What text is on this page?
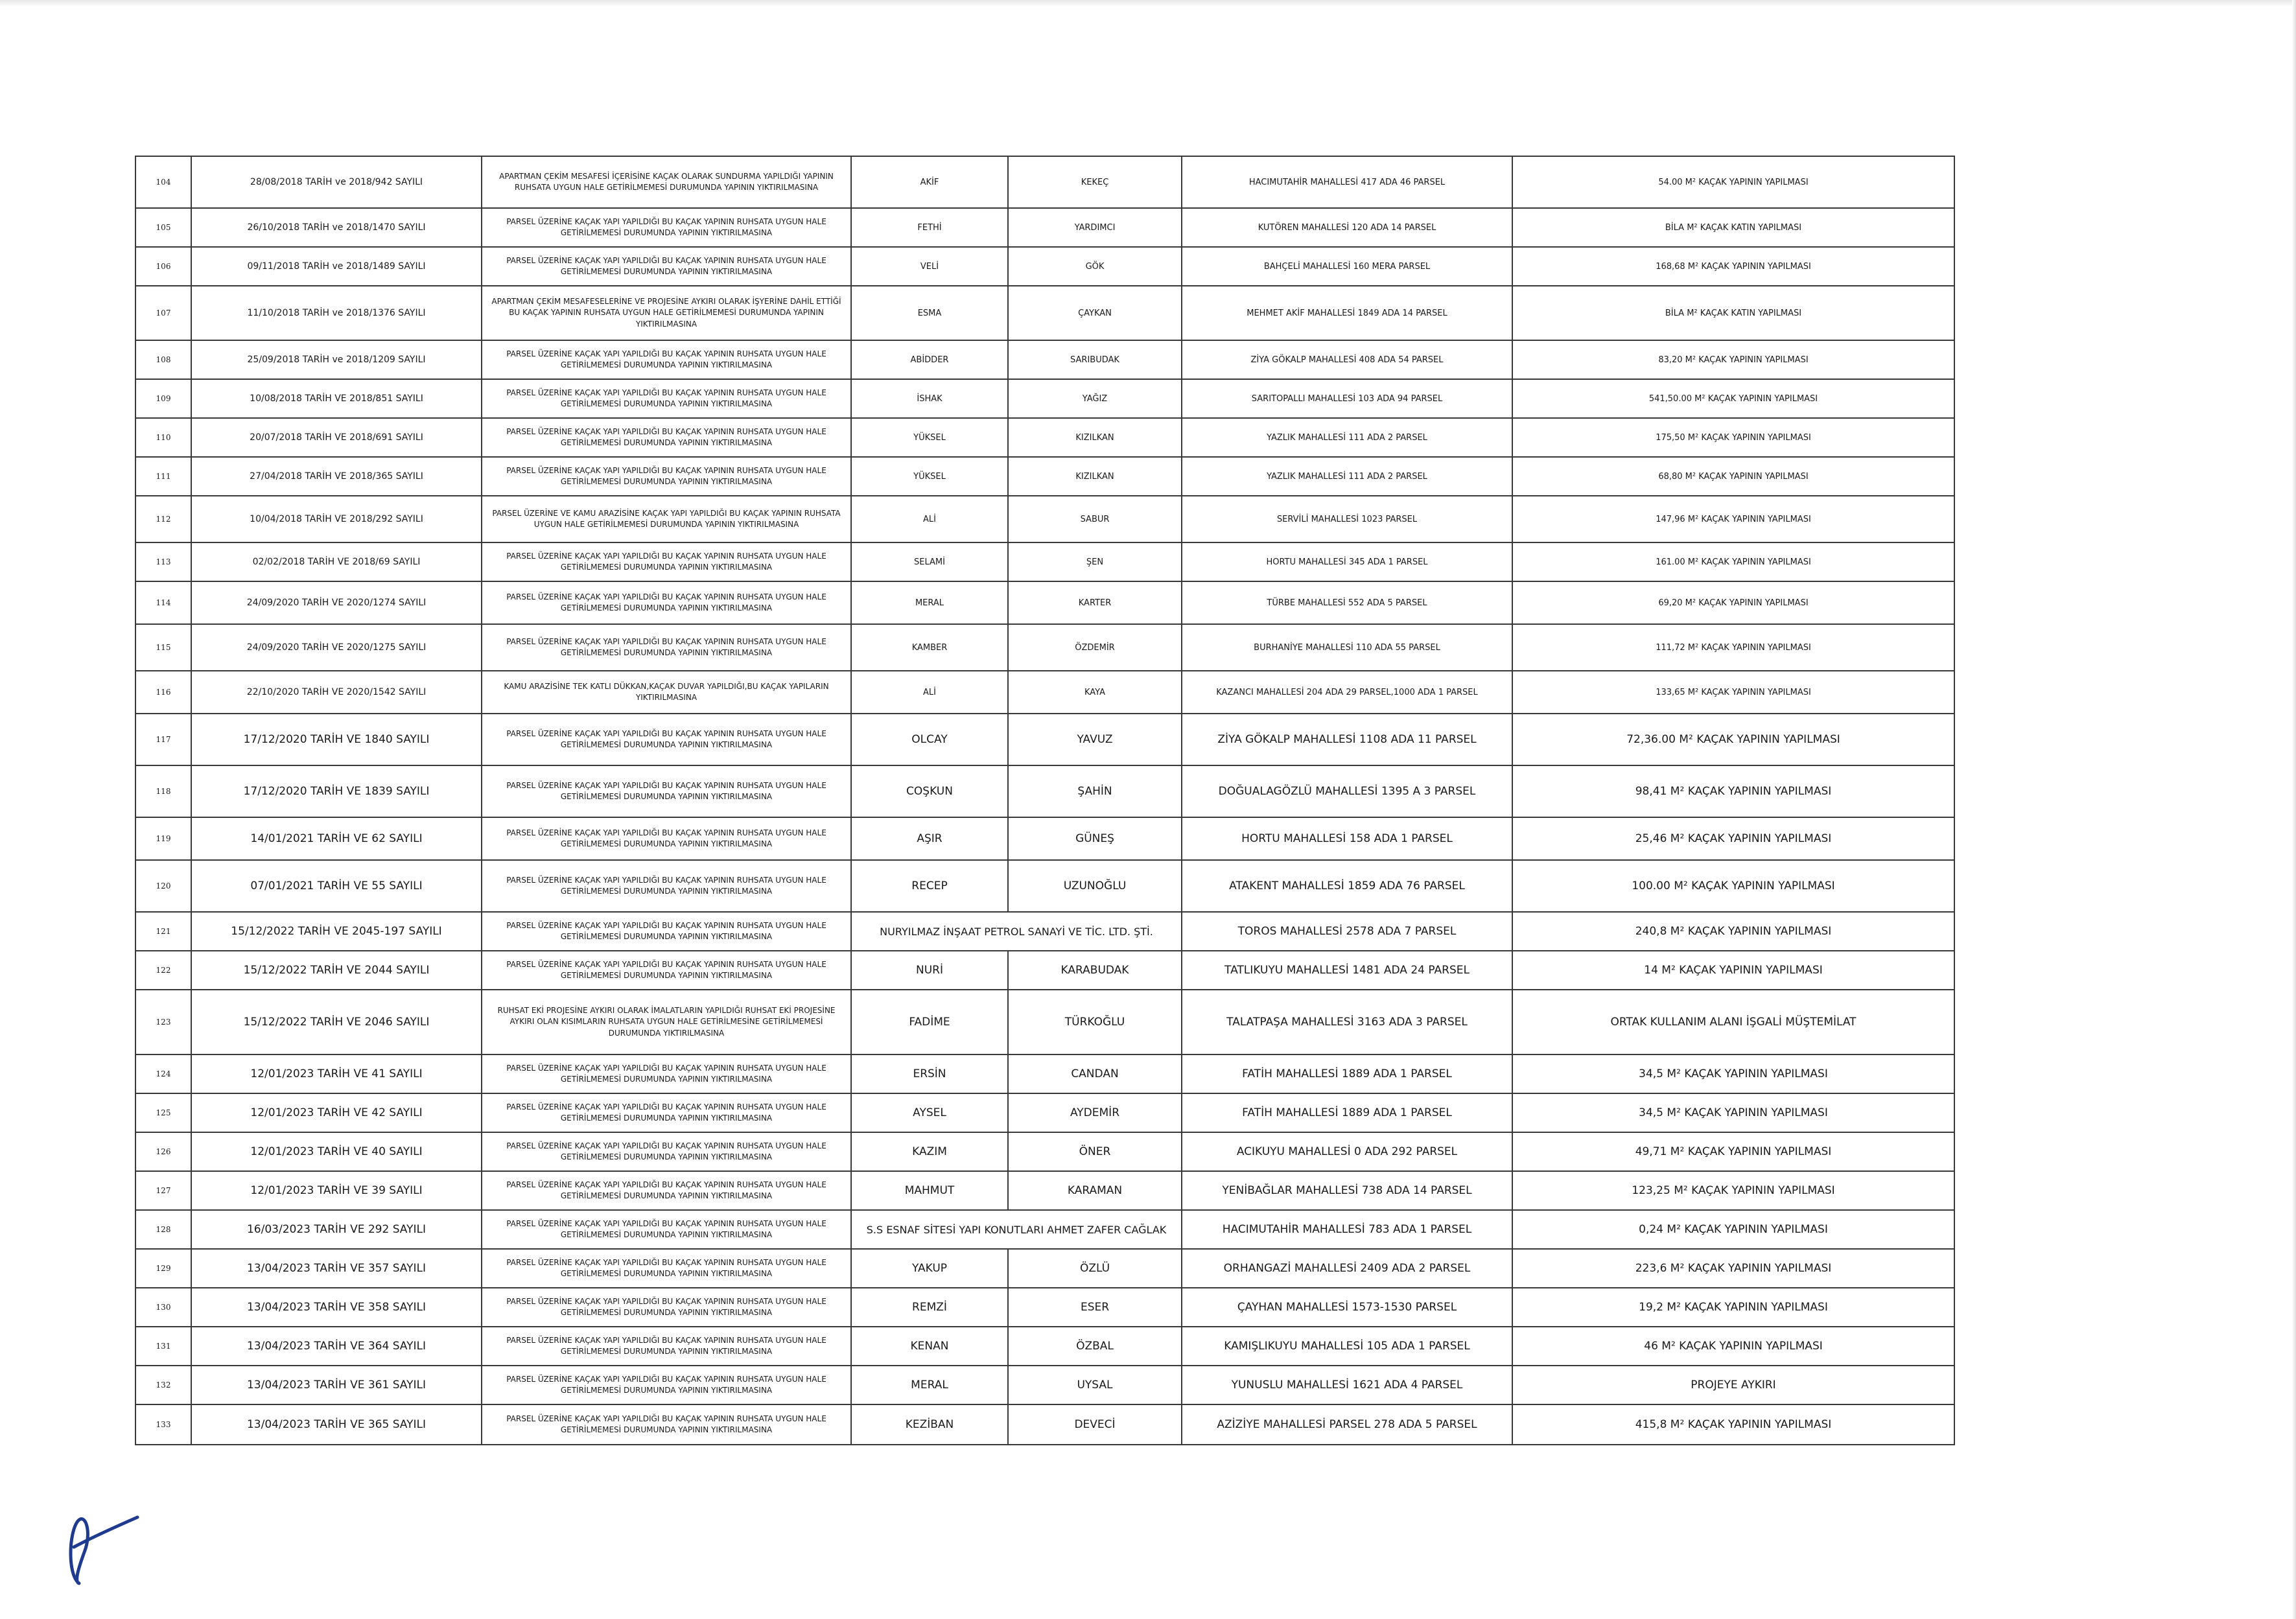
104	28/08/2018 TARİH ve 2018/942 SAYILI	APARTMAN ÇEKİM MESAFESİ İÇERİSİNE KAÇAK OLARAK SUNDURMA YAPILDIĞI YAPININ RUHSATA UYGUN HALE GETİRİLMEMESİ DURUMUNDA YAPININ YIKTIRILMASINA	AKİF	KEKEÇ	HACIMUTAHİR MAHALLESİ 417 ADA 46 PARSEL	54.00 M² KAÇAK YAPININ YAPILMASI
105	26/10/2018 TARİH ve 2018/1470 SAYILI	PARSEL ÜZERİNE KAÇAK YAPI YAPILDIĞI BU KAÇAK YAPININ RUHSATA UYGUN HALE GETİRİLMEMESİ DURUMUNDA YAPININ YIKTIRILMASINA	FETHİ	YARDIMCI	KUTÖREN MAHALLESİ 120 ADA 14 PARSEL	BİLA M² KAÇAK KATIN YAPILMASI
106	09/11/2018 TARİH ve 2018/1489 SAYILI	PARSEL ÜZERİNE KAÇAK YAPI YAPILDIĞI BU KAÇAK YAPININ RUHSATA UYGUN HALE GETİRİLMEMESİ DURUMUNDA YAPININ YIKTIRILMASINA	VELİ	GÖK	BAHÇELİ MAHALLESİ 160 MERA PARSEL	168,68 M² KAÇAK YAPININ YAPILMASI
107	11/10/2018 TARİH ve 2018/1376 SAYILI	APARTMAN ÇEKİM MESAFESELERİNE VE PROJESİNE AYKIRI OLARAK İŞYERİNE DAHİL ETTİĞİ BU KAÇAK YAPININ RUHSATA UYGUN HALE GETİRİLMEMESİ DURUMUNDA YAPININ YIKTIRILMASINA	ESMA	ÇAYKAN	MEHMET AKİF MAHALLESİ 1849 ADA 14 PARSEL	BİLA M² KAÇAK KATIN YAPILMASI
108	25/09/2018 TARİH ve 2018/1209 SAYILI	PARSEL ÜZERİNE KAÇAK YAPI YAPILDIĞI BU KAÇAK YAPININ RUHSATA UYGUN HALE GETİRİLMEMESİ DURUMUNDA YAPININ YIKTIRILMASINA	ABİDDER	SARIBUDAK	ZİYA GÖKALP MAHALLESİ 408 ADA 54 PARSEL	83,20 M² KAÇAK YAPININ YAPILMASI
109	10/08/2018 TARİH VE 2018/851 SAYILI	PARSEL ÜZERİNE KAÇAK YAPI YAPILDIĞI BU KAÇAK YAPININ RUHSATA UYGUN HALE GETİRİLMEMESİ DURUMUNDA YAPININ YIKTIRILMASINA	İSHAK	YAĞIZ	SARITOPALLI MAHALLESİ 103 ADA 94 PARSEL	541,50.00 M² KAÇAK YAPININ YAPILMASI
110	20/07/2018 TARİH VE 2018/691 SAYILI	PARSEL ÜZERİNE KAÇAK YAPI YAPILDIĞI BU KAÇAK YAPININ RUHSATA UYGUN HALE GETİRİLMEMESİ DURUMUNDA YAPININ YIKTIRILMASINA	YÜKSEL	KIZILKAN	YAZLIK MAHALLESİ 111 ADA 2 PARSEL	175,50 M² KAÇAK YAPININ YAPILMASI
111	27/04/2018 TARİH VE 2018/365 SAYILI	PARSEL ÜZERİNE KAÇAK YAPI YAPILDIĞI BU KAÇAK YAPININ RUHSATA UYGUN HALE GETİRİLMEMESİ DURUMUNDA YAPININ YIKTIRILMASINA	YÜKSEL	KIZILKAN	YAZLIK MAHALLESİ 111 ADA 2 PARSEL	68,80 M² KAÇAK YAPININ YAPILMASI
112	10/04/2018 TARİH VE 2018/292 SAYILI	PARSEL ÜZERİNE VE KAMU ARAZİSİNE KAÇAK YAPI YAPILDIĞI BU KAÇAK YAPININ RUHSATA UYGUN HALE GETİRİLMEMESİ DURUMUNDA YAPININ YIKTIRILMASINA	ALİ	SABUR	SERVİLİ MAHALLESİ 1023 PARSEL	147,96 M² KAÇAK YAPININ YAPILMASI
113	02/02/2018 TARİH VE 2018/69 SAYILI	PARSEL ÜZERİNE KAÇAK YAPI YAPILDIĞI BU KAÇAK YAPININ RUHSATA UYGUN HALE GETİRİLMEMESİ DURUMUNDA YAPININ YIKTIRILMASINA	SELAMİ	ŞEN	HORTU MAHALLESİ 345 ADA 1 PARSEL	161.00 M² KAÇAK YAPININ YAPILMASI
114	24/09/2020 TARİH VE 2020/1274 SAYILI	PARSEL ÜZERİNE KAÇAK YAPI YAPILDIĞI BU KAÇAK YAPININ RUHSATA UYGUN HALE GETİRİLMEMESİ DURUMUNDA YAPININ YIKTIRILMASINA	MERAL	KARTER	TÜRBE MAHALLESİ 552 ADA 5 PARSEL	69,20 M² KAÇAK YAPININ YAPILMASI
115	24/09/2020 TARİH VE 2020/1275 SAYILI	PARSEL ÜZERİNE KAÇAK YAPI YAPILDIĞI BU KAÇAK YAPININ RUHSATA UYGUN HALE GETİRİLMEMESİ DURUMUNDA YAPININ YIKTIRILMASINA	KAMBER	ÖZDEMİR	BURHANİYE MAHALLESİ 110 ADA 55 PARSEL	111,72 M² KAÇAK YAPININ YAPILMASI
116	22/10/2020 TARİH VE 2020/1542 SAYILI	KAMU ARAZİSİNE TEK KATLI DÜKKAN,KAÇAK DUVAR YAPILDIĞI,BU KAÇAK YAPILARIN YIKTIRILMASINA	ALİ	KAYA	KAZANCI MAHALLESİ 204 ADA 29 PARSEL,1000 ADA 1 PARSEL	133,65 M² KAÇAK YAPININ YAPILMASI
117	17/12/2020 TARİH VE 1840 SAYILI	PARSEL ÜZERİNE KAÇAK YAPI YAPILDIĞI BU KAÇAK YAPININ RUHSATA UYGUN HALE GETİRİLMEMESİ DURUMUNDA YAPININ YIKTIRILMASINA	OLCAY	YAVUZ	ZİYA GÖKALP MAHALLESİ 1108 ADA 11 PARSEL	72,36.00 M² KAÇAK YAPININ YAPILMASI
118	17/12/2020 TARİH VE 1839 SAYILI	PARSEL ÜZERİNE KAÇAK YAPI YAPILDIĞI BU KAÇAK YAPININ RUHSATA UYGUN HALE GETİRİLMEMESİ DURUMUNDA YAPININ YIKTIRILMASINA	COŞKUN	ŞAHİN	DOĞUALAGÖZLÜ MAHALLESİ 1395 A 3 PARSEL	98,41 M² KAÇAK YAPININ YAPILMASI
119	14/01/2021 TARİH VE 62 SAYILI	PARSEL ÜZERİNE KAÇAK YAPI YAPILDIĞI BU KAÇAK YAPININ RUHSATA UYGUN HALE GETİRİLMEMESİ DURUMUNDA YAPININ YIKTIRILMASINA	AŞIR	GÜNEŞ	HORTU MAHALLESİ 158 ADA 1 PARSEL	25,46 M² KAÇAK YAPININ YAPILMASI
120	07/01/2021 TARİH VE 55 SAYILI	PARSEL ÜZERİNE KAÇAK YAPI YAPILDIĞI BU KAÇAK YAPININ RUHSATA UYGUN HALE GETİRİLMEMESİ DURUMUNDA YAPININ YIKTIRILMASINA	RECEP	UZUNOĞLU	ATAKENT MAHALLESİ 1859 ADA 76 PARSEL	100.00 M² KAÇAK YAPININ YAPILMASI
121	15/12/2022 TARİH VE 2045-197 SAYILI	PARSEL ÜZERİNE KAÇAK YAPI YAPILDIĞI BU KAÇAK YAPININ RUHSATA UYGUN HALE GETİRİLMEMESİ DURUMUNDA YAPININ YIKTIRILMASINA	NURYILMAZ İNŞAAT PETROL SANAYİ VE TİC. LTD. ŞTİ.		TOROS MAHALLESİ 2578 ADA 7 PARSEL	240,8 M² KAÇAK YAPININ YAPILMASI
122	15/12/2022 TARİH VE 2044 SAYILI	PARSEL ÜZERİNE KAÇAK YAPI YAPILDIĞI BU KAÇAK YAPININ RUHSATA UYGUN HALE GETİRİLMEMESİ DURUMUNDA YAPININ YIKTIRILMASINA	NURİ	KARABUDAK	TATLIKUYU MAHALLESİ 1481 ADA 24 PARSEL	14 M² KAÇAK YAPININ YAPILMASI
123	15/12/2022 TARİH VE 2046 SAYILI	RUHSAT EKİ PROJESİNE AYKIRI OLARAK İMALATLARIN YAPILDIĞI RUHSAT EKİ PROJESİNE AYKIRI OLAN KISIMLARIN RUHSATA UYGUN HALE GETİRİLMESİNE GETİRİLMEMESİ DURUMUNDA YIKTIRILMASINA	FADİME	TÜRKOĞLU	TALATPAŞA MAHALLESİ 3163 ADA 3 PARSEL	ORTAK KULLANIM ALANI İŞGALİ MÜŞTEMİLAT
124	12/01/2023 TARİH VE 41 SAYILI	PARSEL ÜZERİNE KAÇAK YAPI YAPILDIĞI BU KAÇAK YAPININ RUHSATA UYGUN HALE GETİRİLMEMESİ DURUMUNDA YAPININ YIKTIRILMASINA	ERSİN	CANDAN	FATİH MAHALLESİ 1889 ADA 1 PARSEL	34,5 M² KAÇAK YAPININ YAPILMASI
125	12/01/2023 TARİH VE 42 SAYILI	PARSEL ÜZERİNE KAÇAK YAPI YAPILDIĞI BU KAÇAK YAPININ RUHSATA UYGUN HALE GETİRİLMEMESİ DURUMUNDA YAPININ YIKTIRILMASINA	AYSEL	AYDEMİR	FATİH MAHALLESİ 1889 ADA 1 PARSEL	34,5 M² KAÇAK YAPININ YAPILMASI
126	12/01/2023 TARİH VE 40 SAYILI	PARSEL ÜZERİNE KAÇAK YAPI YAPILDIĞI BU KAÇAK YAPININ RUHSATA UYGUN HALE GETİRİLMEMESİ DURUMUNDA YAPININ YIKTIRILMASINA	KAZIM	ÖNER	ACIKUYU MAHALLESİ 0 ADA 292 PARSEL	49,71 M² KAÇAK YAPININ YAPILMASI
127	12/01/2023 TARİH VE 39 SAYILI	PARSEL ÜZERİNE KAÇAK YAPI YAPILDIĞI BU KAÇAK YAPININ RUHSATA UYGUN HALE GETİRİLMEMESİ DURUMUNDA YAPININ YIKTIRILMASINA	MAHMUT	KARAMAN	YENİBAĞLAR MAHALLESİ 738 ADA 14 PARSEL	123,25 M² KAÇAK YAPININ YAPILMASI
128	16/03/2023 TARİH VE 292 SAYILI	PARSEL ÜZERİNE KAÇAK YAPI YAPILDIĞI BU KAÇAK YAPININ RUHSATA UYGUN HALE GETİRİLMEMESİ DURUMUNDA YAPININ YIKTIRILMASINA	S.S ESNAF SİTESİ YAPI KONUTLARI AHMET ZAFER CAĞLAK		HACIMUTAHİR MAHALLESİ 783 ADA 1 PARSEL	0,24 M² KAÇAK YAPININ YAPILMASI
129	13/04/2023 TARİH VE 357 SAYILI	PARSEL ÜZERİNE KAÇAK YAPI YAPILDIĞI BU KAÇAK YAPININ RUHSATA UYGUN HALE GETİRİLMEMESİ DURUMUNDA YAPININ YIKTIRILMASINA	YAKUP	ÖZLÜ	ORHANGAZİ MAHALLESİ 2409 ADA 2 PARSEL	223,6 M² KAÇAK YAPININ YAPILMASI
130	13/04/2023 TARİH VE 358 SAYILI	PARSEL ÜZERİNE KAÇAK YAPI YAPILDIĞI BU KAÇAK YAPININ RUHSATA UYGUN HALE GETİRİLMEMESİ DURUMUNDA YAPININ YIKTIRILMASINA	REMZİ	ESER	ÇAYHAN MAHALLESİ 1573-1530 PARSEL	19,2 M² KAÇAK YAPININ YAPILMASI
131	13/04/2023 TARİH VE 364 SAYILI	PARSEL ÜZERİNE KAÇAK YAPI YAPILDIĞI BU KAÇAK YAPININ RUHSATA UYGUN HALE GETİRİLMEMESİ DURUMUNDA YAPININ YIKTIRILMASINA	KENAN	ÖZBAL	KAMIŞLIKUYU MAHALLESİ 105 ADA 1 PARSEL	46 M² KAÇAK YAPININ YAPILMASI
132	13/04/2023 TARİH VE 361 SAYILI	PARSEL ÜZERİNE KAÇAK YAPI YAPILDIĞI BU KAÇAK YAPININ RUHSATA UYGUN HALE GETİRİLMEMESİ DURUMUNDA YAPININ YIKTIRILMASINA	MERAL	UYSAL	YUNUSLU MAHALLESİ 1621 ADA 4 PARSEL	PROJEYE AYKIRI
133	13/04/2023 TARİH VE 365 SAYILI	PARSEL ÜZERİNE KAÇAK YAPI YAPILDIĞI BU KAÇAK YAPININ RUHSATA UYGUN HALE GETİRİLMEMESİ DURUMUNDA YAPININ YIKTIRILMASINA	KEZİBAN	DEVECİ	AZİZİYE MAHALLESİ PARSEL 278 ADA 5 PARSEL	415,8 M² KAÇAK YAPININ YAPILMASI
